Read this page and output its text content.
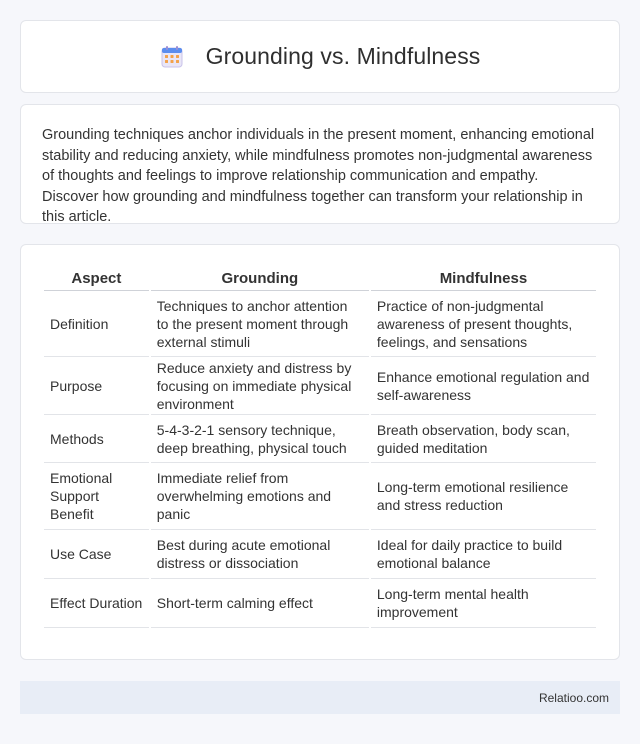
Grounding vs. Mindfulness

Grounding techniques anchor individuals in the present moment, enhancing emotional stability and reducing anxiety, while mindfulness promotes non-judgmental awareness of thoughts and feelings to improve relationship communication and empathy. Discover how grounding and mindfulness together can transform your relationship in this article.

Aspect	Grounding	Mindfulness
Definition	Techniques to anchor attention to the present moment through external stimuli	Practice of non-judgmental awareness of present thoughts, feelings, and sensations
Purpose	Reduce anxiety and distress by focusing on immediate physical environment	Enhance emotional regulation and self-awareness
Methods	5-4-3-2-1 sensory technique, deep breathing, physical touch	Breath observation, body scan, guided meditation
Emotional Support Benefit	Immediate relief from overwhelming emotions and panic	Long-term emotional resilience and stress reduction
Use Case	Best during acute emotional distress or dissociation	Ideal for daily practice to build emotional balance
Effect Duration	Short-term calming effect	Long-term mental health improvement
Relatioo.com
